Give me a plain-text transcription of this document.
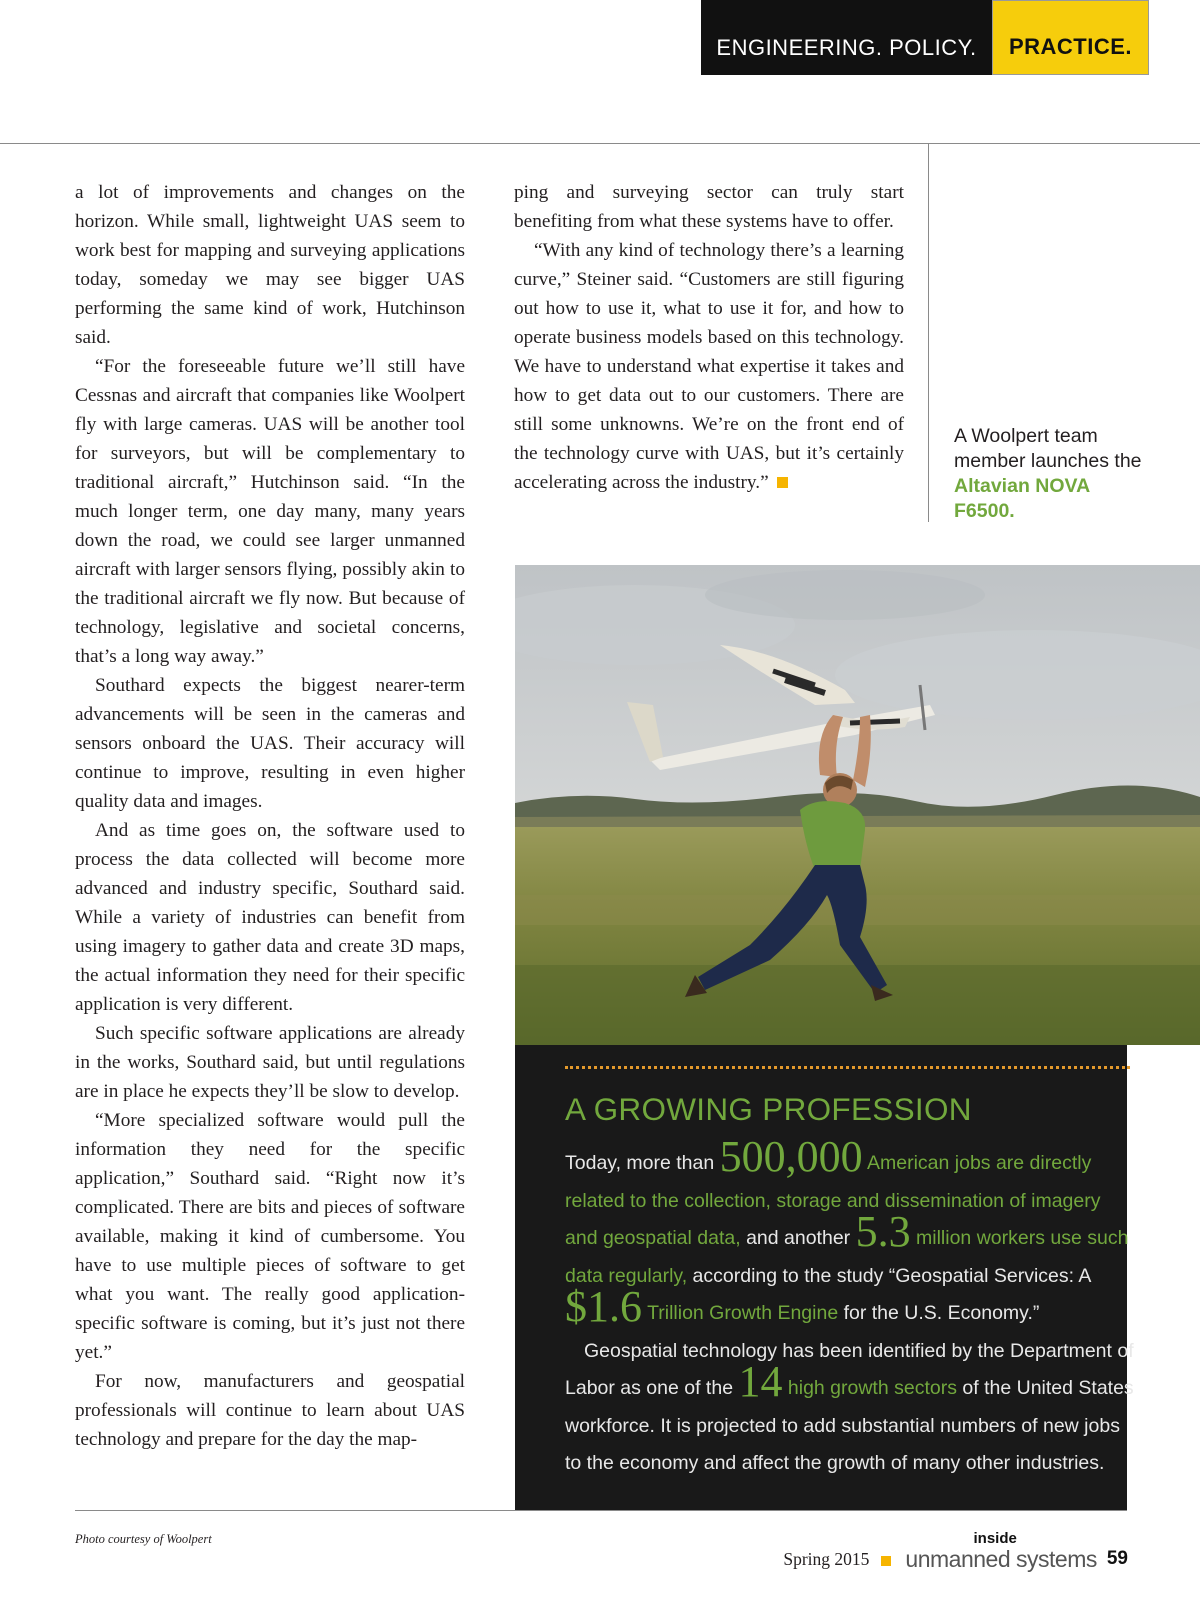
ENGINEERING. POLICY.	PRACTICE.

a lot of improvements and changes on the horizon. While small, lightweight UAS seem to work best for mapping and surveying applications today, someday we may see bigger UAS performing the same kind of work, Hutchinson said.

“For the foreseeable future we’ll still have Cessnas and aircraft that companies like Woolpert fly with large cameras. UAS will be another tool for surveyors, but will be complementary to traditional aircraft,” Hutchinson said. “In the much longer term, one day many, many years down the road, we could see larger unmanned aircraft with larger sensors flying, possibly akin to the traditional aircraft we fly now. But because of technology, legislative and societal concerns, that’s a long way away.”

Southard expects the biggest nearer-term advancements will be seen in the cameras and sensors onboard the UAS. Their accuracy will continue to improve, resulting in even higher quality data and images.

And as time goes on, the software used to process the data collected will become more advanced and industry specific, Southard said. While a variety of industries can benefit from using imagery to gather data and create 3D maps, the actual information they need for their specific application is very different.

Such specific software applications are already in the works, Southard said, but until regulations are in place he expects they’ll be slow to develop.

“More specialized software would pull the information they need for the specific application,” Southard said. “Right now it’s complicated. There are bits and pieces of software available, making it kind of cumbersome. You have to use multiple pieces of software to get what you want. The really good application-specific software is coming, but it’s just not there yet.”

For now, manufacturers and geospatial professionals will continue to learn about UAS technology and prepare for the day the map-

ping and surveying sector can truly start benefiting from what these systems have to offer.

“With any kind of technology there’s a learning curve,” Steiner said. “Customers are still figuring out how to use it, what to use it for, and how to operate business models based on this technology. We have to understand what expertise it takes and how to get data out to our customers. There are still some unknowns. We’re on the front end of the technology curve with UAS, but it’s certainly accelerating across the industry.”

A Woolpert team member launches the Altavian NOVA F6500.
A GROWING PROFESSION

Today, more than 500,000 American jobs are directly related to the collection, storage and dissemination of imagery and geospatial data, and another 5.3 million workers use such data regularly, according to the study “Geospatial Services: A $1.6 Trillion Growth Engine for the U.S. Economy.”

Geospatial technology has been identified by the Department of Labor as one of the 14 high growth sectors of the United States workforce. It is projected to add substantial numbers of new jobs to the economy and affect the growth of many other industries.

Photo courtesy of Woolpert
Spring 2015
inside
unmanned systems 59
